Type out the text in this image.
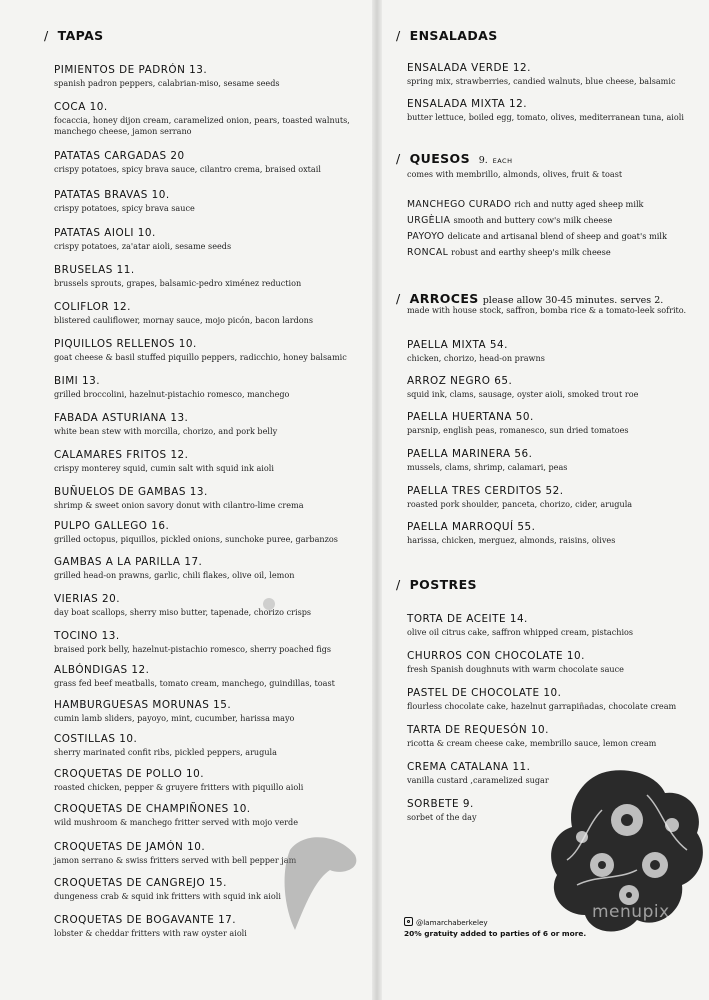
/ TAPAS
PIMIENTOS DE PADRÓN 13.
spanish padron peppers, calabrian-miso, sesame seeds
COCA 10.
focaccia, honey dijon cream, caramelized onion, pears, toasted walnuts,
manchego cheese, jamon serrano
PATATAS CARGADAS 20
crispy potatoes, spicy brava sauce, cilantro crema, braised oxtail
PATATAS BRAVAS 10.
crispy potatoes, spicy brava sauce
PATATAS AIOLI 10.
crispy potatoes, za'atar aioli, sesame seeds
BRUSELAS 11.
brussels sprouts, grapes, balsamic-pedro ximénez reduction
COLIFLOR 12.
blistered cauliflower, mornay sauce, mojo picón, bacon lardons
PIQUILLOS RELLENOS 10.
goat cheese & basil stuffed piquillo peppers, radicchio, honey balsamic
BIMI 13.
grilled broccolini, hazelnut-pistachio romesco, manchego
FABADA ASTURIANA 13.
white bean stew with morcilla, chorizo, and pork belly
CALAMARES FRITOS 12.
crispy monterey squid, cumin salt with squid ink aioli
BUÑUELOS DE GAMBAS 13.
shrimp & sweet onion savory donut with cilantro-lime crema
PULPO GALLEGO 16.
grilled octopus, piquillos, pickled onions, sunchoke puree, garbanzos
GAMBAS A LA PARILLA 17.
grilled head-on prawns, garlic, chili flakes, olive oil, lemon
VIERIAS 20.
day boat scallops, sherry miso butter, tapenade, chorizo crisps
TOCINO 13.
braised pork belly, hazelnut-pistachio romesco, sherry poached figs
ALBÓNDIGAS 12.
grass fed beef meatballs, tomato cream, manchego, guindillas, toast
HAMBURGUESAS MORUNAS 15.
cumin lamb sliders, payoyo, mint, cucumber, harissa mayo
COSTILLAS 10.
sherry marinated confit ribs, pickled peppers, arugula
CROQUETAS DE POLLO 10.
roasted chicken, pepper & gruyere fritters with piquillo aioli
CROQUETAS DE CHAMPIÑONES 10.
wild mushroom & manchego fritter served with mojo verde
CROQUETAS DE JAMÓN 10.
jamon serrano & swiss fritters served with bell pepper jam
CROQUETAS DE CANGREJO 15.
dungeness crab & squid ink fritters with squid ink aioli
CROQUETAS DE BOGAVANTE 17.
lobster & cheddar fritters with raw oyster aioli
/ ENSALADAS
ENSALADA VERDE 12.
spring mix, strawberries, candied walnuts, blue cheese, balsamic
ENSALADA MIXTA 12.
butter lettuce, boiled egg, tomato, olives, mediterranean tuna, aioli
/ QUESOS 9. EACH
comes with membrillo, almonds, olives, fruit & toast
MANCHEGO CURADO rich and nutty aged sheep milk
URGÈLIA smooth and buttery cow's milk cheese
PAYOYO delicate and artisanal blend of sheep and goat's milk
RONCAL robust and earthy sheep's milk cheese
/ ARROCES please allow 30-45 minutes. serves 2.
made with house stock, saffron, bomba rice & a tomato-leek sofrito.
PAELLA MIXTA 54.
chicken, chorizo, head-on prawns
ARROZ NEGRO 65.
squid ink, clams, sausage, oyster aioli, smoked trout roe
PAELLA HUERTANA 50.
parsnip, english peas, romanesco, sun dried tomatoes
PAELLA MARINERA 56.
mussels, clams, shrimp, calamari, peas
PAELLA TRES CERDITOS 52.
roasted pork shoulder, panceta, chorizo, cider, arugula
PAELLA MARROQUÍ 55.
harissa, chicken, merguez, almonds, raisins, olives
/ POSTRES
TORTA DE ACEITE 14.
olive oil citrus cake, saffron whipped cream, pistachios
CHURROS CON CHOCOLATE 10.
fresh Spanish doughnuts with warm chocolate sauce
PASTEL DE CHOCOLATE 10.
flourless chocolate cake, hazelnut garrapiñadas, chocolate cream
TARTA DE REQUESÓN 10.
ricotta & cream cheese cake, membrillo sauce, lemon cream
CREMA CATALANA 11.
vanilla custard ,caramelized sugar
SORBETE 9.
sorbet of the day
@lamarchaberkeley
20% gratuity added to parties of 6 or more.
menupix
